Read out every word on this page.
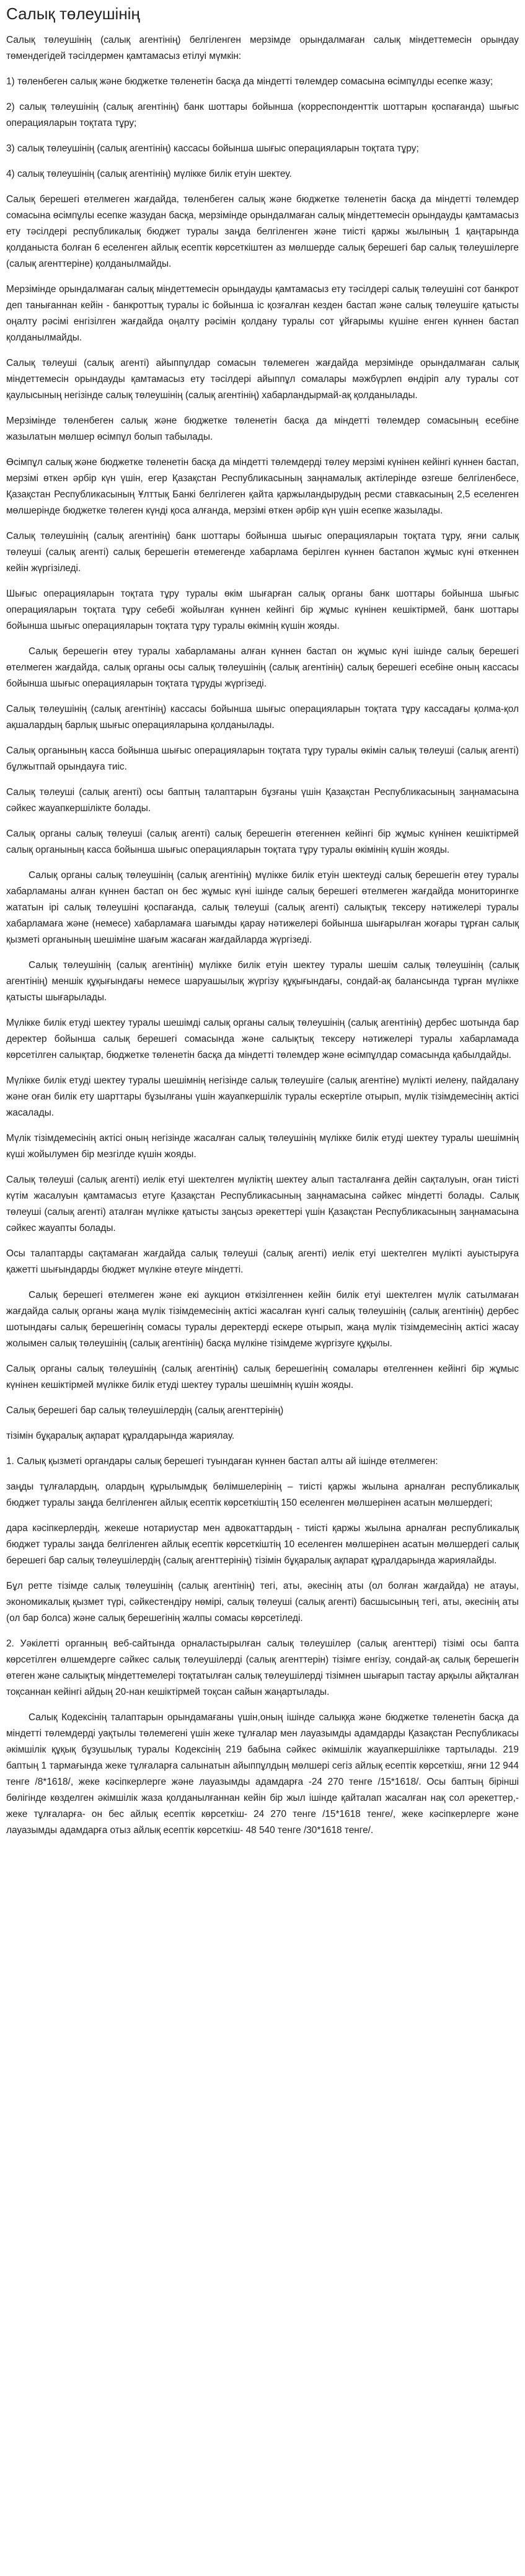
Салық төлеушінің

Салық төлеушінің (салық агентінің) белгіленген мерзімде орындалмаған салық міндеттемесін орындау төмендегідей тәсілдермен қамтамасыз етілуі мүмкін:

1) төленбеген салық және бюджетке төленетін басқа да міндетті төлемдер сомасына өсімпұлды есепке жазу;

2) салық төлеушінің (салық агентінің) банк шоттары бойынша (корреспонденттік шоттарын қоспағанда) шығыс операцияларын тоқтата тұру;

3) салық төлеушінің (салық агентінің) кассасы бойынша шығыс операцияларын тоқтата тұру;

4) салық төлеушінің (салық агентінің) мүлікке билік етуін шектеу.

Салық берешегі өтелмеген жағдайда, төленбеген салық және бюджетке төленетін басқа да міндетті төлемдер сомасына өсімпұлы есепке жазудан басқа, мерзімінде орындалмаған салық міндеттемесін орындауды қамтамасыз ету тәсілдері республикалық бюджет туралы заңда белгіленген және тиісті қаржы жылының 1 қаңтарында қолданыста болған 6 еселенген айлық есептік көрсеткіштен аз мөлшерде салық берешегі бар салық төлеушілерге (салық агенттеріне) қолданылмайды.

Мерзімінде орындалмаған салық міндеттемесін орындауды қамтамасыз ету тәсілдері салық төлеушіні сот банкрот деп танығаннан кейін - банкроттық туралы іс бойынша іс қозғалған кезден бастап және салық төлеушіге қатысты оңалту рәсімі енгізілген жағдайда оңалту рәсімін қолдану туралы сот ұйғарымы күшіне енген күннен бастап қолданылмайды.

Салық төлеуші (салық агенті) айыппұлдар сомасын төлемеген жағдайда мерзімінде орындалмаған салық міндеттемесін орындауды қамтамасыз ету тәсілдері айыппұл сомалары мәжбүрлеп өндіріп алу туралы сот қаулысының негізінде салық төлеушінің (салық агентінің) хабарландырмай-ақ қолданылады.

Мерзімінде төленбеген салық және бюджетке төленетін басқа да міндетті төлемдер сомасының есебіне жазылатын мөлшер өсімпұл болып табылады.

Өсімпұл салық және бюджетке төленетін басқа да міндетті төлемдерді төлеу мерзімі күнінен кейінгі күннен бастап, мерзімі өткен әрбір күн үшін, егер Қазақстан Республикасының заңнамалық актілерінде өзгеше белгіленбесе, Қазақстан Республикасының Ұлттық Банкі белгілеген қайта қаржыландырудың ресми ставкасының 2,5 еселенген мөлшерінде бюджетке төлеген күнді қоса алғанда, мерзімі өткен әрбір күн үшін есепке жазылады.

Салық төлеушінің (салық агентінің) банк шоттары бойынша шығыс операцияларын тоқтата тұру, яғни салық төлеуші (салық агенті) салық берешегін өтемегенде хабарлама берілген күннен бастапон жұмыс күні өткеннен кейін жүргізіледі.

Шығыс операцияларын тоқтата тұру туралы өкім шығарған салық органы банк шоттары бойынша шығыс операцияларын тоқтата тұру себебі жойылған күннен кейінгі бір жұмыс күнінен кешіктірмей, банк шоттары бойынша шығыс операцияларын тоқтата тұру туралы өкімнің күшін жояды.

Салық берешегін өтеу туралы хабарламаны алған күннен бастап он жұмыс күні ішінде салық берешегі өтелмеген жағдайда, салық органы осы салық төлеушінің (салық агентінің) салық берешегі есебіне оның кассасы бойынша шығыс операцияларын тоқтата тұруды жүргізеді.

Салық төлеушінің (салық агентінің) кассасы бойынша шығыс операцияларын тоқтата тұру кассадағы қолма-қол ақшалардың барлық шығыс операцияларына қолданылады.

Салық органының касса бойынша шығыс операцияларын тоқтата тұру туралы өкімін салық төлеуші (салық агенті) бұлжытпай орындауға тиіс.

Салық төлеуші (салық агенті) осы баптың талаптарын бұзғаны үшін Қазақстан Республикасының заңнамасына сәйкес жауапкершілікте болады.

Салық органы салық төлеуші (салық агенті) салық берешегін өтегеннен кейінгі бір жұмыс күнінен кешіктірмей салық органының касса бойынша шығыс операцияларын тоқтата тұру туралы өкімінің күшін жояды.

Салық органы салық төлеушінің (салық агентінің) мүлікке билік етуін шектеуді салық берешегін өтеу туралы хабарламаны алған күннен бастап он бес жұмыс күні ішінде салық берешегі өтелмеген жағдайда мониторингке жататын ірі салық төлеушіні қоспағанда, салық төлеуші (салық агенті) салықтық тексеру нәтижелері туралы хабарламаға және (немесе) хабарламаға шағымды қарау нәтижелері бойынша шығарылған жоғары тұрған салық қызметі органының шешіміне шағым жасаған жағдайларда жүргізеді.

Салық төлеушінің (салық агентінің) мүлікке билік етуін шектеу туралы шешім салық төлеушінің (салық агентінің) меншік құқығындағы немесе шаруашылық жүргізу құқығындағы, сондай-ақ балансында тұрған мүлікке қатысты шығарылады.

Мүлікке билік етуді шектеу туралы шешімді салық органы салық төлеушінің (салық агентінің) дербес шотында бар деректер бойынша салық берешегі сомасында және салықтық тексеру нәтижелері туралы хабарламада көрсетілген салықтар, бюджетке төленетін басқа да міндетті төлемдер және өсімпұлдар сомасында қабылдайды.

Мүлікке билік етуді шектеу туралы шешімнің негізінде салық төлеушіге (салық агентіне) мүлікті иелену, пайдалану және оған билік ету шарттары бұзылғаны үшін жауапкершілік туралы ескертіле отырып, мүлік тізімдемесінің актісі жасалады.

Мүлік тізімдемесінің актісі оның негізінде жасалған салық төлеушінің мүлікке билік етуді шектеу туралы шешімнің күші жойылумен бір мезгілде күшін жояды.

Салық төлеуші (салық агенті) иелік етуі шектелген мүліктің шектеу алып тасталғанға дейін сақталуын, оған тиісті күтім жасалуын қамтамасыз етуге Қазақстан Республикасының заңнамасына сәйкес міндетті болады. Салық төлеуші (салық агенті) аталған мүлікке қатысты заңсыз әрекеттері үшін Қазақстан Республикасының заңнамасына сәйкес жауапты болады.

Осы талаптарды сақтамаған жағдайда салық төлеуші (салық агенті) иелік етуі шектелген мүлікті ауыстыруға қажетті шығындарды бюджет мүлкіне өтеуге міндетті.

Салық берешегі өтелмеген және екі аукцион өткізілгеннен кейін билік етуі шектелген мүлік сатылмаған жағдайда салық органы жаңа мүлік тізімдемесінің актісі жасалған күнгі салық төлеушінің (салық агентінің) дербес шотындағы салық берешегінің сомасы туралы деректерді ескере отырып, жаңа мүлік тізімдемесінің актісі жасау жолымен салық төлеушінің (салық агентінің) басқа мүлкіне тізімдеме жүргізуге құқылы.

Салық органы салық төлеушінің (салық агентінің) салық берешегінің сомалары өтелгеннен кейінгі бір жұмыс күнінен кешіктірмей мүлікке билік етуді шектеу туралы шешімнің күшін жояды.

Салық берешегі бар салық төлеушілердің (салық агенттерінің)

тізімін бұқаралық ақпарат құралдарында жариялау.

1. Салық қызметі органдары салық берешегі туындаған күннен бастап алты ай ішінде өтелмеген:

заңды тұлғалардың, олардың құрылымдық бөлімшелерінің – тиісті қаржы жылына арналған республикалық бюджет туралы заңда белгіленген айлық есептік көрсеткіштің 150 еселенген мөлшерінен асатын мөлшердегі;

дара кәсіпкерлердің, жекеше нотариустар мен адвокаттардың - тиісті қаржы жылына арналған республикалық бюджет туралы заңда белгіленген айлық есептік көрсеткіштің 10 еселенген мөлшерінен асатын мөлшердегі салық берешегі бар салық төлеушілердің (салық агенттерінің) тізімін бұқаралық ақпарат құралдарында жариялайды.

Бұл ретте тізімде салық төлеушінің (салық агентінің) тегі, аты, әкесінің аты (ол болған жағдайда) не атауы, экономикалық қызмет түрі, сәйкестендіру нөмірі, салық төлеуші (салық агенті) басшысының тегі, аты, әкесінің аты (ол бар болса) және салық берешегінің жалпы сомасы көрсетіледі.

2. Уәкілетті органның веб-сайтында орналастырылған салық төлеушілер (салық агенттері) тізімі осы бапта көрсетілген өлшемдерге сәйкес салық төлеушілерді (салық агенттерін) тізімге енгізу, сондай-ақ салық берешегін өтеген және салықтық міндеттемелері тоқтатылған салық төлеушілерді тізімнен шығарып тастау арқылы айқталған тоқсаннан кейінгі айдың 20-нан кешіктірмей тоқсан сайын жаңартылады.

Салық Кодексінің талаптарын орындамағаны үшін,оның ішінде салыққа және бюджетке төленетін басқа да міндетті төлемдерді уақтылы төлемегені үшін жеке тұлғалар мен лауазымды адамдарды Қазақстан Республикасы әкімшілік құқық бұзушылық туралы Кодексінің 219 бабына сәйкес әкімшілік жауапкершілікке тартылады. 219 баптың 1 тармағында жеке тұлғаларға салынатын айыппұлдың мөлшері сегіз айлық есептік көрсеткіш, яғни 12 944 тенге /8*1618/, жеке кәсіпкерлерге және лауазымды адамдарға -24 270 тенге /15*1618/. Осы баптың бірінші бөлігінде көзделген әкімшілік жаза қолданылғаннан кейін бір жыл ішінде қайталап жасалған нақ сол әрекеттер,- жеке тұлғаларға- он бес айлық есептік көрсеткіш- 24 270 тенге /15*1618 тенге/, жеке кәсіпкерлерге және лауазымды адамдарға отыз айлық есептік көрсеткіш- 48 540 тенге /30*1618 тенге/.
